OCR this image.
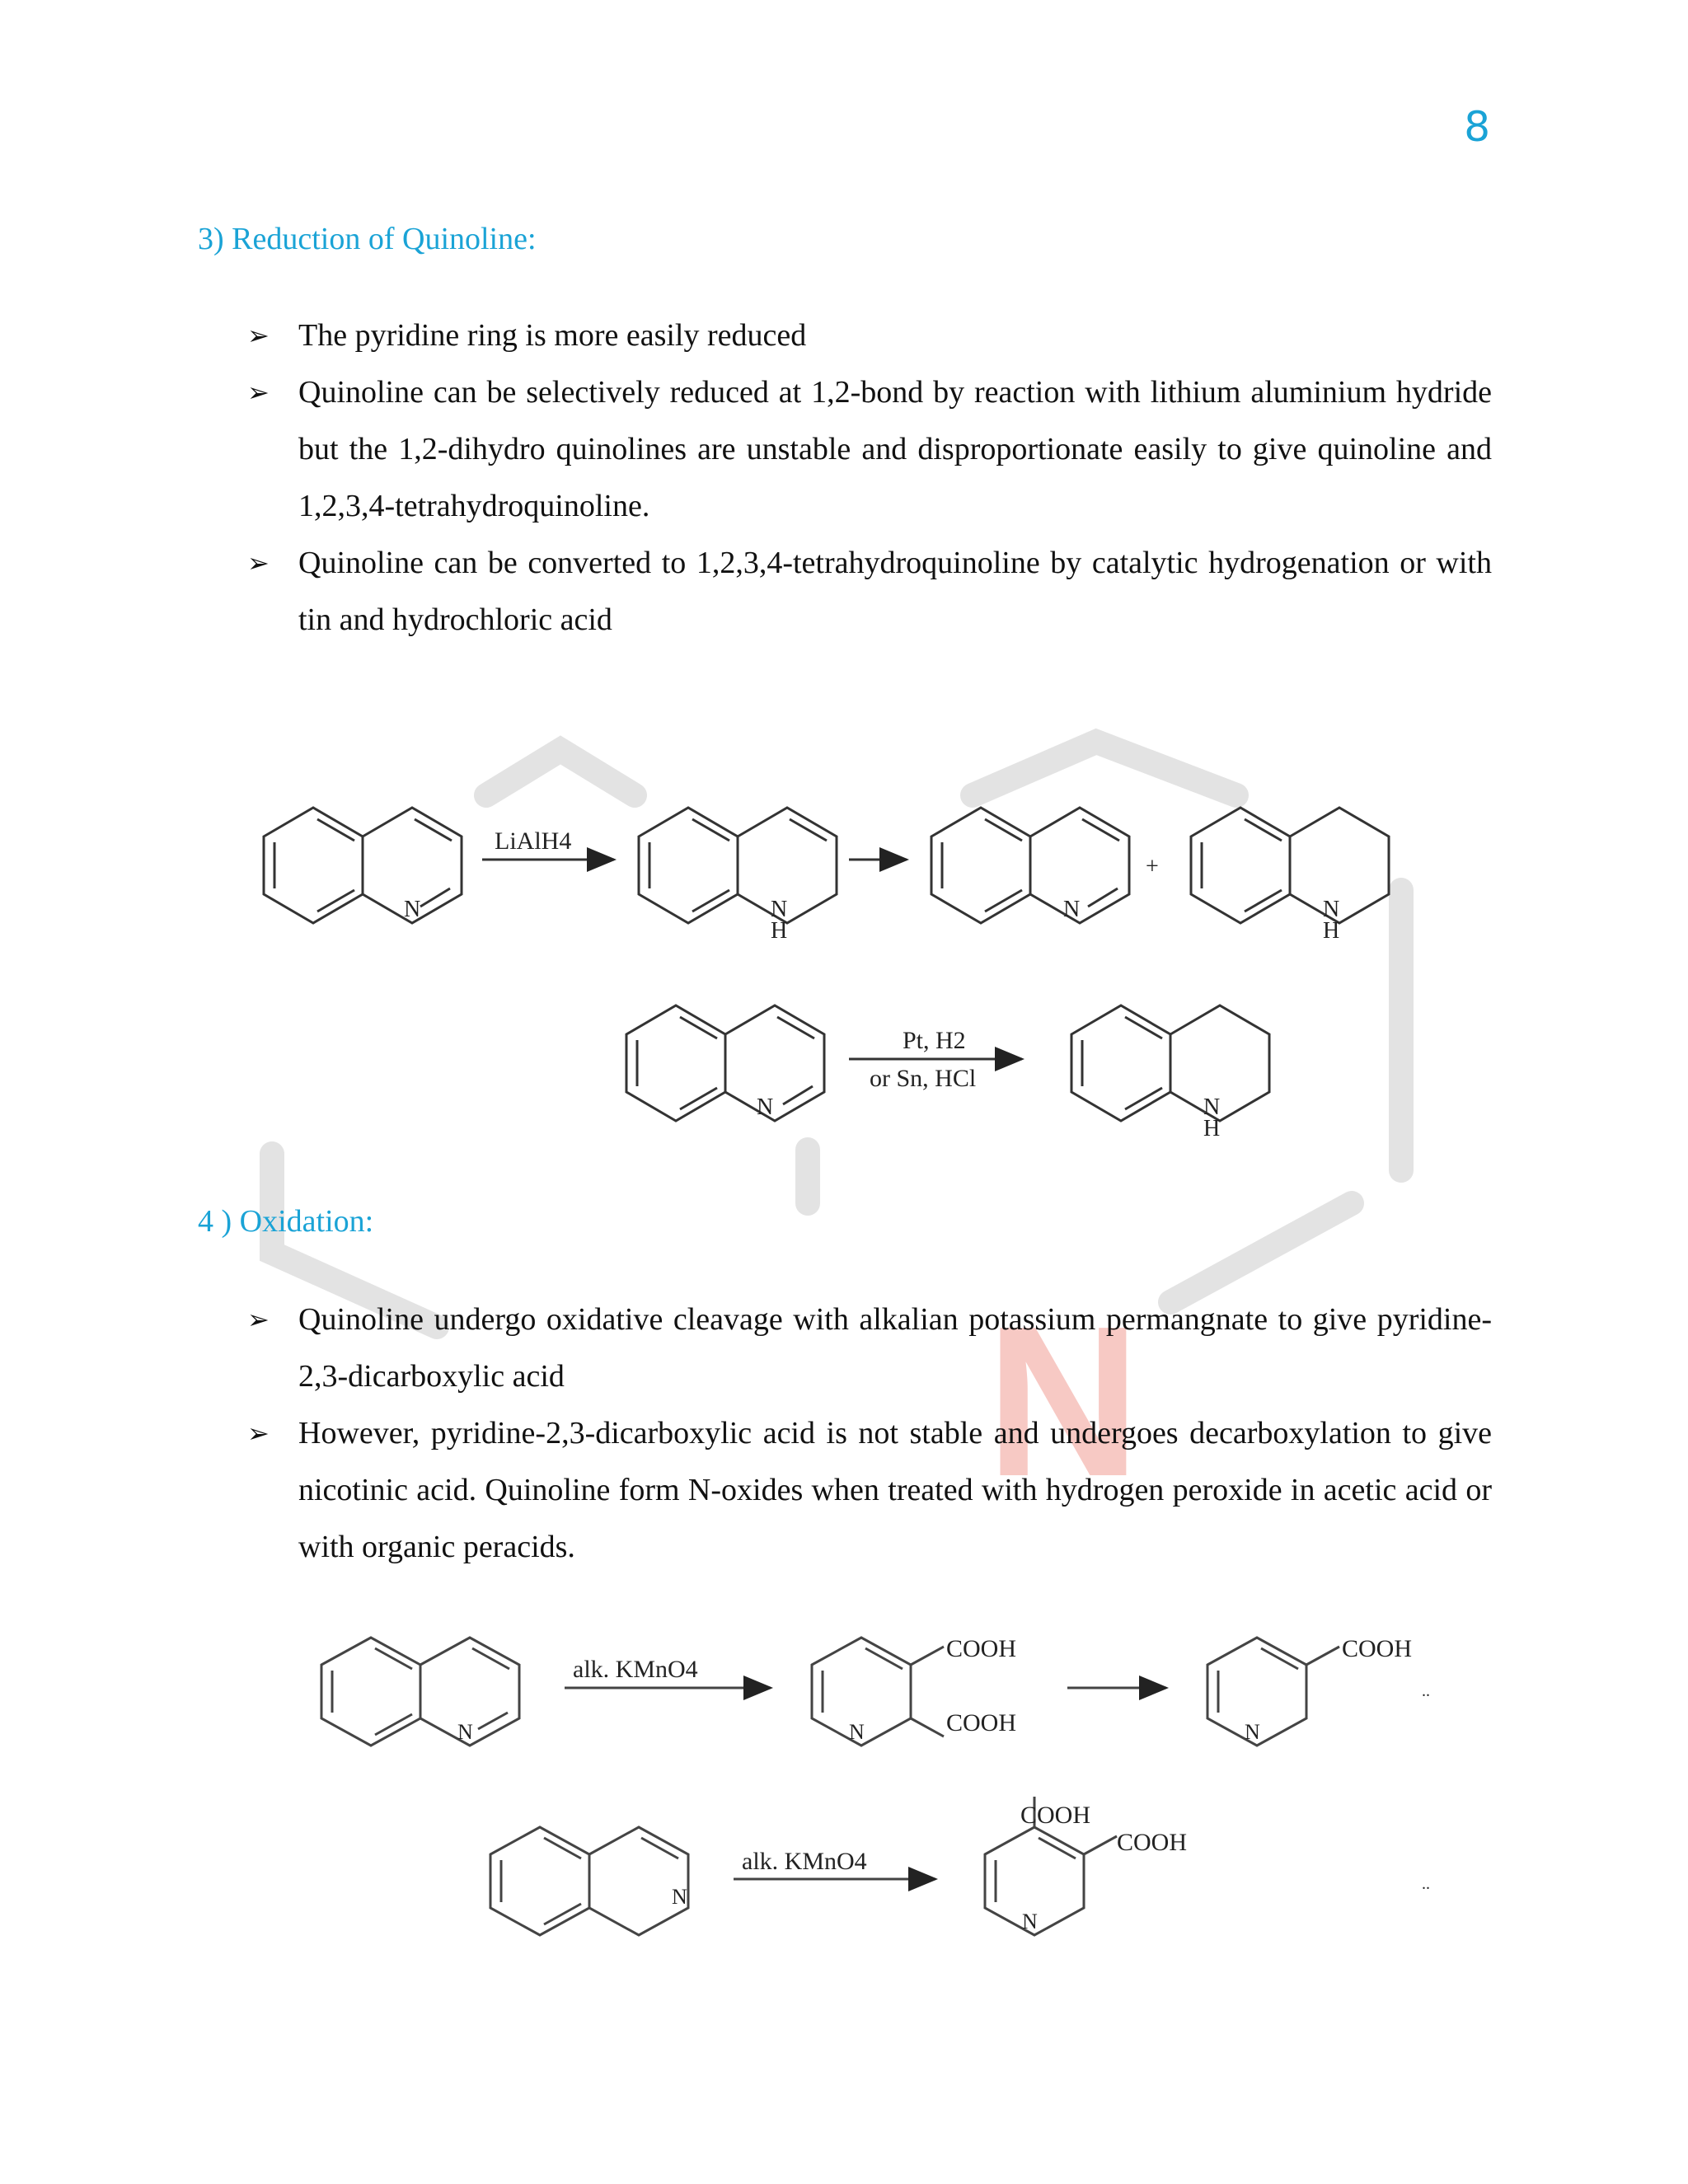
N
8
3) Reduction of Quinoline:
➢ The pyridine ring is more easily reduced
➢ Quinoline can be selectively reduced at 1,2-bond by reaction with lithium aluminium hydride but the 1,2-dihydro quinolines are unstable and disproportionate easily to give quinoline and 1,2,3,4-tetrahydroquinoline.
➢ Quinoline can be converted to 1,2,3,4-tetrahydroquinoline by catalytic hydrogenation or with tin and hydrochloric acid
4 ) Oxidation:
➢ Quinoline undergo oxidative cleavage with alkalian potassium permangnate to give pyridine-2,3-dicarboxylic acid
➢ However, pyridine-2,3-dicarboxylic acid is not stable and undergoes decarboxylation to give nicotinic acid. Quinoline form N-oxides when treated with hydrogen peroxide in acetic acid or with organic peracids.
LiAlH4
N	N
H
N
+
N
H
Pt, H2
or Sn, HCl
N	N
H
alk. KMnO4
N
COOH
COOH
N
COOH
N
..
N
alk. KMnO4
COOH
COOH
N
..
